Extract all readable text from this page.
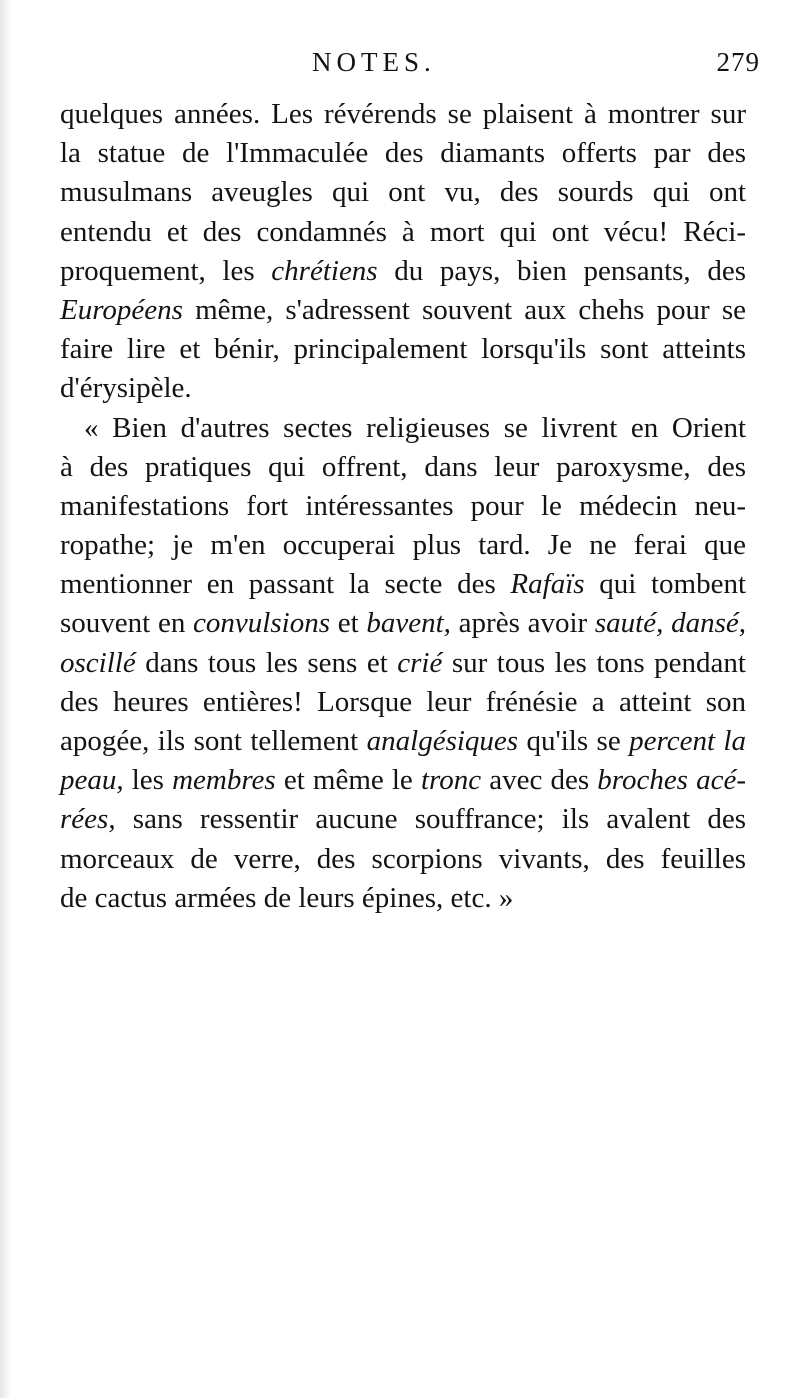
NOTES.	279
quelques années. Les révérends se plaisent à montrer sur
la statue de l'Immaculée des diamants offerts par des
musulmans aveugles qui ont vu, des sourds qui ont
entendu et des condamnés à mort qui ont vécu! Réci-
proquement, les chrétiens du pays, bien pensants, des
Européens même, s'adressent souvent aux chehs pour se
faire lire et bénir, principalement lorsqu'ils sont atteints
d'érysipèle.
« Bien d'autres sectes religieuses se livrent en Orient
à des pratiques qui offrent, dans leur paroxysme, des
manifestations fort intéressantes pour le médecin neu-
ropathe; je m'en occuperai plus tard. Je ne ferai que
mentionner en passant la secte des Rafaïs qui tombent
souvent en convulsions et bavent, après avoir sauté, dansé,
oscillé dans tous les sens et crié sur tous les tons pendant
des heures entières! Lorsque leur frénésie a atteint son
apogée, ils sont tellement analgésiques qu'ils se percent la
peau, les membres et même le tronc avec des broches acé-
rées, sans ressentir aucune souffrance; ils avalent des
morceaux de verre, des scorpions vivants, des feuilles
de cactus armées de leurs épines, etc. »
